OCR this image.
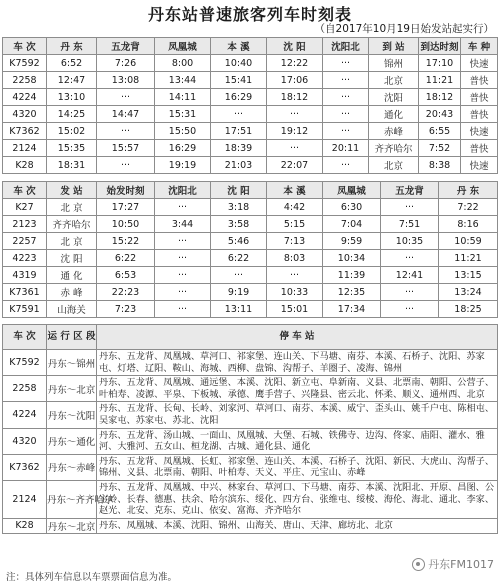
丹东站普速旅客列车时刻表
（自2017年10月19日始发站起实行）
车 次	丹 东	五龙背	凤凰城	本 溪	沈 阳	沈阳北	到 站	到达时刻	车 种
K7592	6:52	7:26	8:00	10:40	12:22	···	锦州	17:10	快速
2258	12:47	13:08	13:44	15:41	17:06	···	北京	11:21	普快
4224	13:10	···	14:11	16:29	18:12	···	沈阳	18:12	普快
4320	14:25	14:47	15:31	···	···	···	通化	20:43	普快
K7362	15:02	···	15:50	17:51	19:12	···	赤峰	6:55	快速
2124	15:35	15:57	16:29	18:39	···	20:11	齐齐哈尔	7:52	普快
K28	18:31	···	19:19	21:03	22:07	···	北京	8:38	快速
车 次	发 站	始发时刻	沈阳北	沈 阳	本 溪	凤凰城	五龙背	丹 东
K27	北 京	17:27	···	3:18	4:42	6:30	···	7:22
2123	齐齐哈尔	10:50	3:44	3:58	5:15	7:04	7:51	8:16
2257	北 京	15:22	···	5:46	7:13	9:59	10:35	10:59
4223	沈 阳	6:22	···	6:22	8:03	10:34	···	11:21
4319	通 化	6:53	···	···	···	11:39	12:41	13:15
K7361	赤 峰	22:23	···	9:19	10:33	12:35	···	13:24
K7591	山海关	7:23	···	13:11	15:01	17:34	···	18:25
车 次	运 行 区 段	停 车 站
K7592	丹东～锦州	丹东、五龙背、凤凰城、草河口、祁家堡、连山关、下马塘、南芬、本溪、石桥子、沈阳、苏家屯、灯塔、辽阳、鞍山、海城、西柳、盘锦、沟帮子、羊圈子、凌海、锦州
2258	丹东～北京	丹东、五龙背、凤凰城、通远堡、本溪、沈阳、新立屯、阜新南、义县、北票南、朝阳、公营子、叶柏寿、凌源、平泉、下板城、承德、鹰手营子、兴隆县、密云北、怀柔、顺义、通州西、北京
4224	丹东～沈阳	丹东、五龙背、长甸、长岭、刘家河、草河口、南芬、本溪、威宁、歪头山、姚千户屯、陈相屯、吴家屯、苏家屯、苏北、沈阳
4320	丹东～通化	丹东、五龙背、汤山城、一面山、凤凰城、大堡、石城、铁佛寺、边沟、佟家、庙阳、灌水、雅河、大雅河、五女山、桓龙湖、古城、通化县、通化
K7362	丹东～赤峰	丹东、五龙背、凤凰城、长虹、祁家堡、连山关、本溪、石桥子、沈阳、新民、大虎山、沟帮子、锦州、义县、北票南、朝阳、叶柏寿、天义、平庄、元宝山、赤峰
2124	丹东～齐齐哈尔	丹东、五龙背、凤凰城、中兴、林家台、草河口、下马塘、南芬、本溪、沈阳北、开原、昌图、公主岭、长春、德惠、扶余、哈尔滨东、绥化、四方台、张维屯、绥棱、海伦、海北、通北、李家、赵光、北安、克东、克山、依安、富海、齐齐哈尔
K28	丹东～北京	丹东、凤凰城、本溪、沈阳、锦州、山海关、唐山、天津、廊坊北、北京
注：具体列车信息以车票票面信息为准。
丹东FM1017
